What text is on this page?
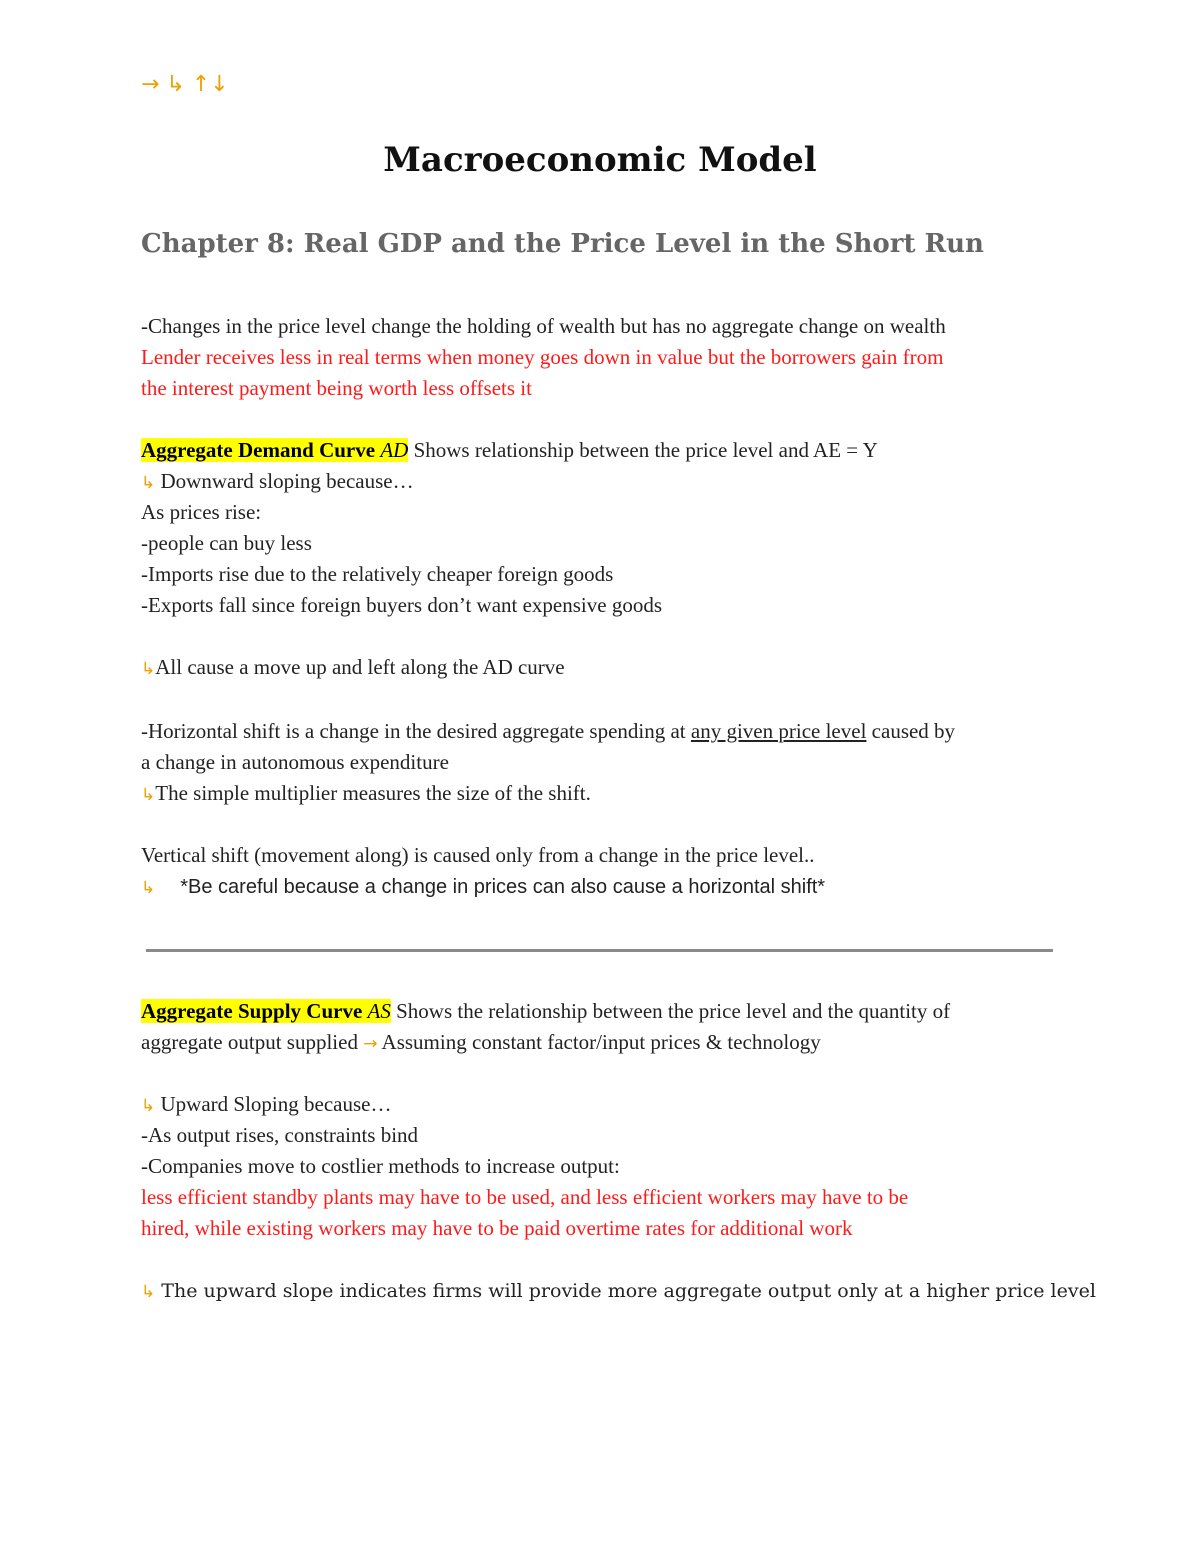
→ ↳ ↑↓
Macroeconomic Model
Chapter 8: Real GDP and the Price Level in the Short Run
-Changes in the price level change the holding of wealth but has no aggregate change on wealth
Lender receives less in real terms when money goes down in value but the borrowers gain from
the interest payment being worth less offsets it
Aggregate Demand Curve AD Shows relationship between the price level and AE = Y
↳ Downward sloping because…
As prices rise:
-people can buy less
-Imports rise due to the relatively cheaper foreign goods
-Exports fall since foreign buyers don’t want expensive goods
↳All cause a move up and left along the AD curve
-Horizontal shift is a change in the desired aggregate spending at any given price level caused by
a change in autonomous expenditure
↳The simple multiplier measures the size of the shift.
Vertical shift (movement along) is caused only from a change in the price level..
↳ *Be careful because a change in prices can also cause a horizontal shift*
Aggregate Supply Curve AS Shows the relationship between the price level and the quantity of
aggregate output supplied → Assuming constant factor/input prices & technology
↳ Upward Sloping because…
-As output rises, constraints bind
-Companies move to costlier methods to increase output:
less efficient standby plants may have to be used, and less efficient workers may have to be
hired, while existing workers may have to be paid overtime rates for additional work
↳ The upward slope indicates firms will provide more aggregate output only at a higher price level
